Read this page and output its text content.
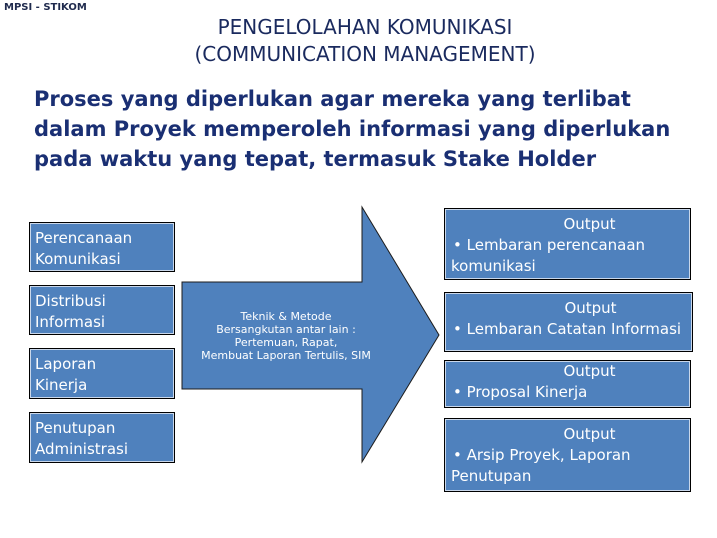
MPSI - STIKOM
PENGELOLAHAN KOMUNIKASI
(COMMUNICATION MANAGEMENT)
Proses yang diperlukan agar mereka yang terlibat
dalam Proyek memperoleh informasi yang diperlukan
pada waktu yang tepat, termasuk Stake Holder
Teknik & Metode
Bersangkutan antar lain :
Pertemuan, Rapat,
Membuat Laporan Tertulis, SIM
Perencanaan
Komunikasi
Distribusi
Informasi
Laporan
Kinerja
Penutupan
Administrasi
Output
• Lembaran perencanaan
komunikasi
Output
• Lembaran Catatan Informasi
Output
• Proposal Kinerja
Output
• Arsip Proyek, Laporan
Penutupan
